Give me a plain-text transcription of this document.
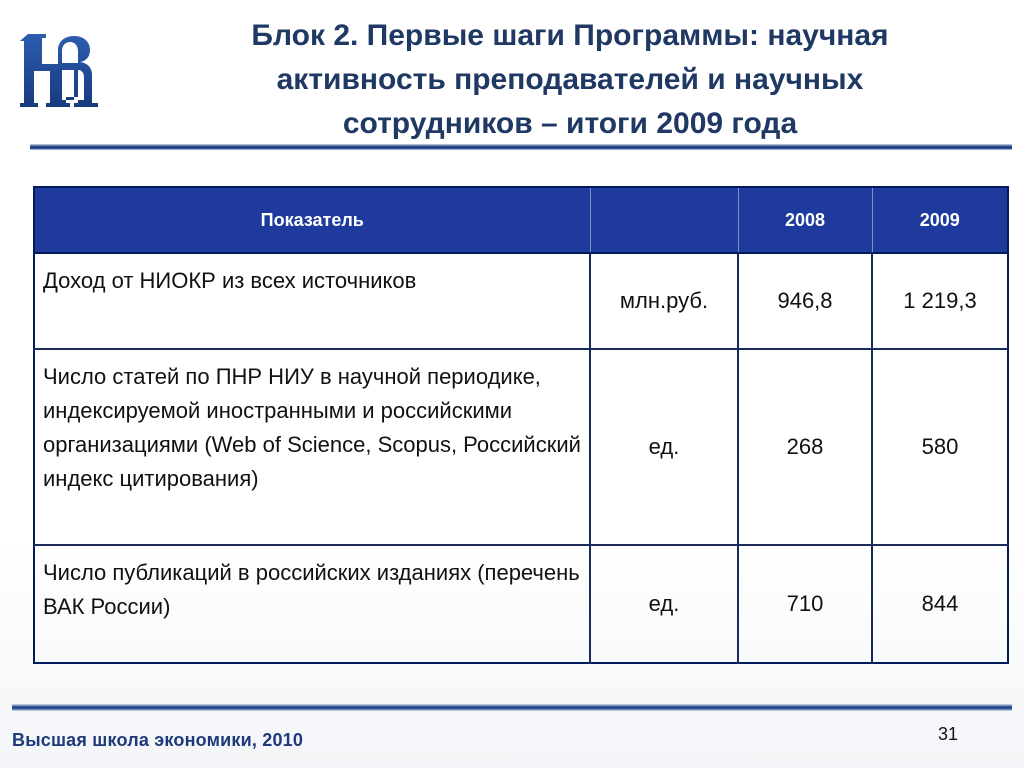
Блок 2. Первые шаги Программы: научная
активность преподавателей и научных
сотрудников – итоги 2009 года
Показатель		2008	2009
Доход от НИОКР из всех источников	млн.руб.	946,8	1 219,3
Число статей по ПНР НИУ в научной периодике, индексируемой иностранными и российскими организациями (Web of Science, Scopus, Российский индекс цитирования)	ед.	268	580
Число публикаций в российских изданиях (перечень ВАК России)	ед.	710	844
Высшая школа экономики, 2010	31
